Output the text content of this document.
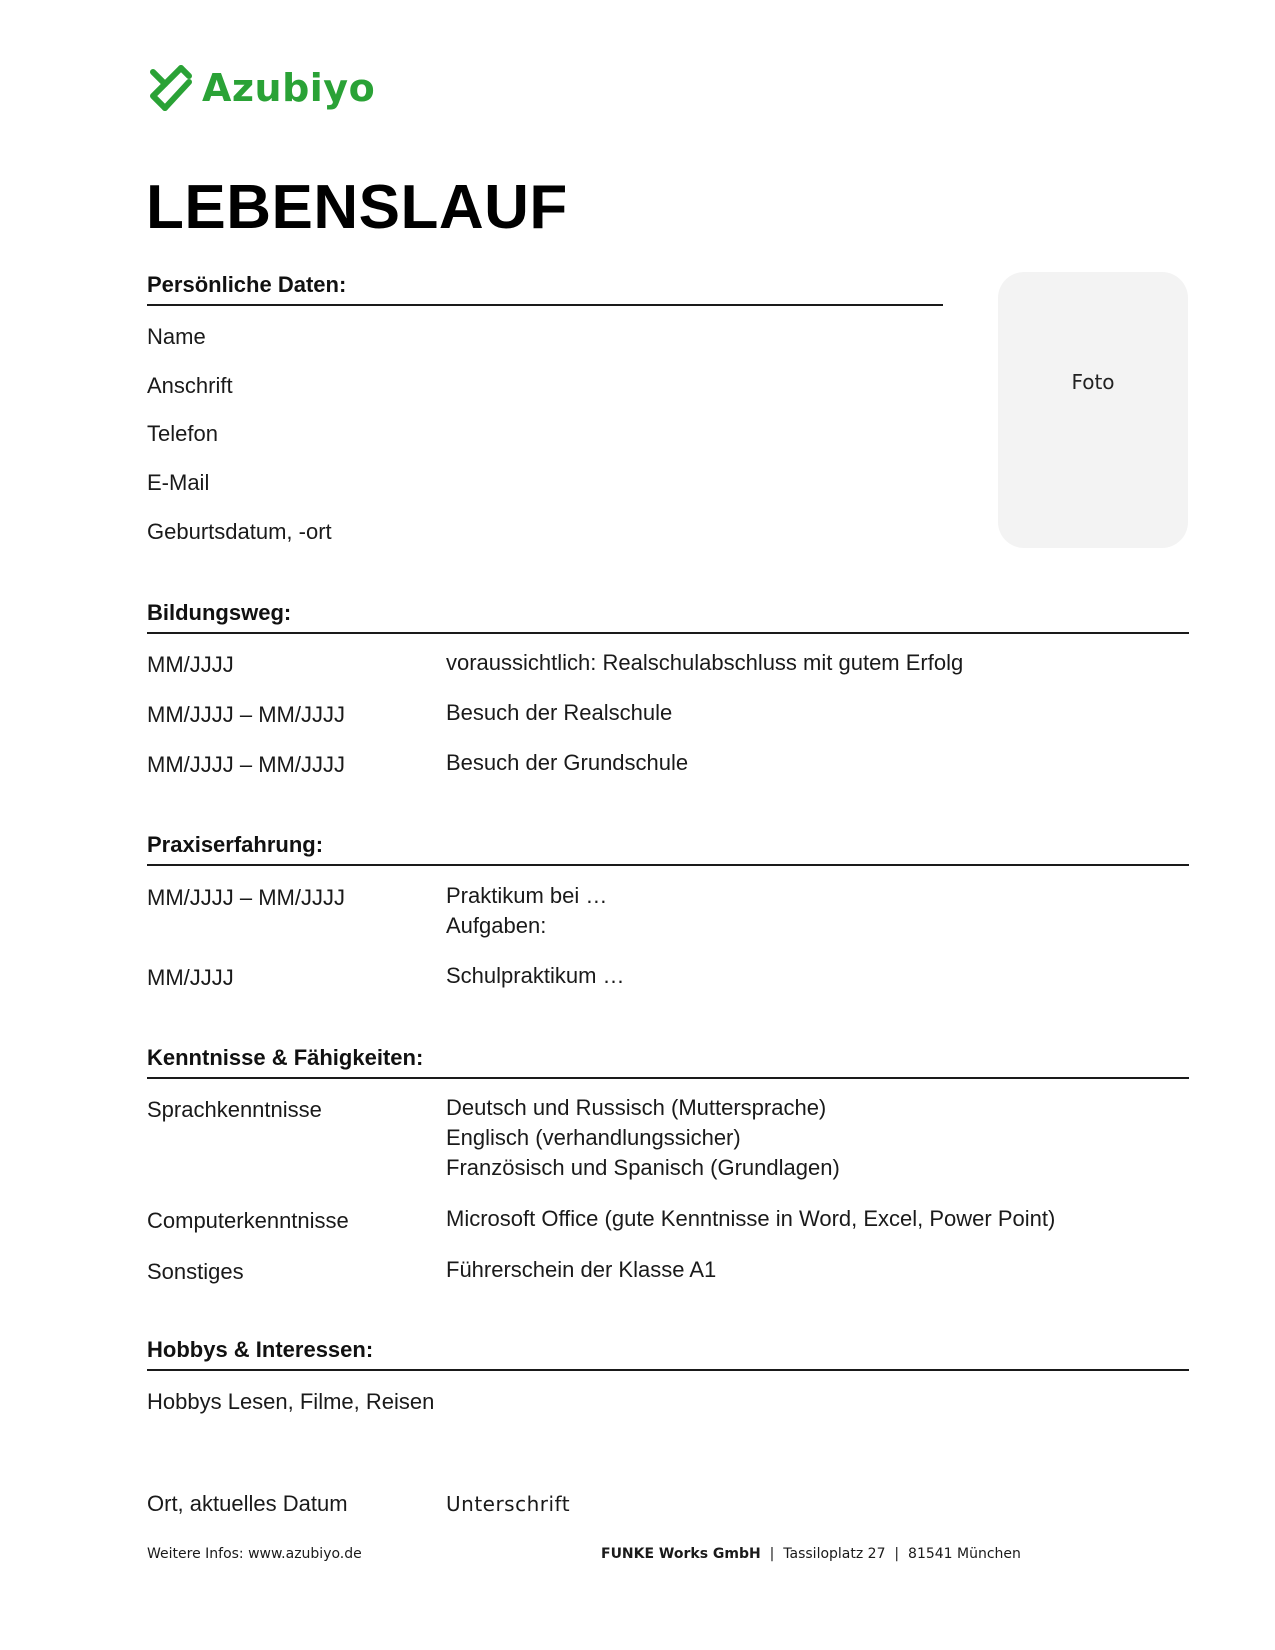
Azubiyo
LEBENSLAUF
Persönliche Daten:
Name
Anschrift
Telefon
E-Mail
Geburtsdatum, -ort
Foto
Bildungsweg:
MM/JJJJ	voraussichtlich: Realschulabschluss mit gutem Erfolg
MM/JJJJ – MM/JJJJ	Besuch der Realschule
MM/JJJJ – MM/JJJJ	Besuch der Grundschule
Praxiserfahrung:
MM/JJJJ – MM/JJJJ	Praktikum bei …
Aufgaben:
MM/JJJJ	Schulpraktikum …
Kenntnisse & Fähigkeiten:
Sprachkenntnisse	Deutsch und Russisch (Muttersprache)
Englisch (verhandlungssicher)
Französisch und Spanisch (Grundlagen)
Computerkenntnisse	Microsoft Office (gute Kenntnisse in Word, Excel, Power Point)
Sonstiges	Führerschein der Klasse A1
Hobbys & Interessen:
Hobbys Lesen, Filme, Reisen
Ort, aktuelles Datum	Unterschrift
Weitere Infos: www.azubiyo.de	FUNKE Works GmbH | Tassiloplatz 27 | 81541 München
